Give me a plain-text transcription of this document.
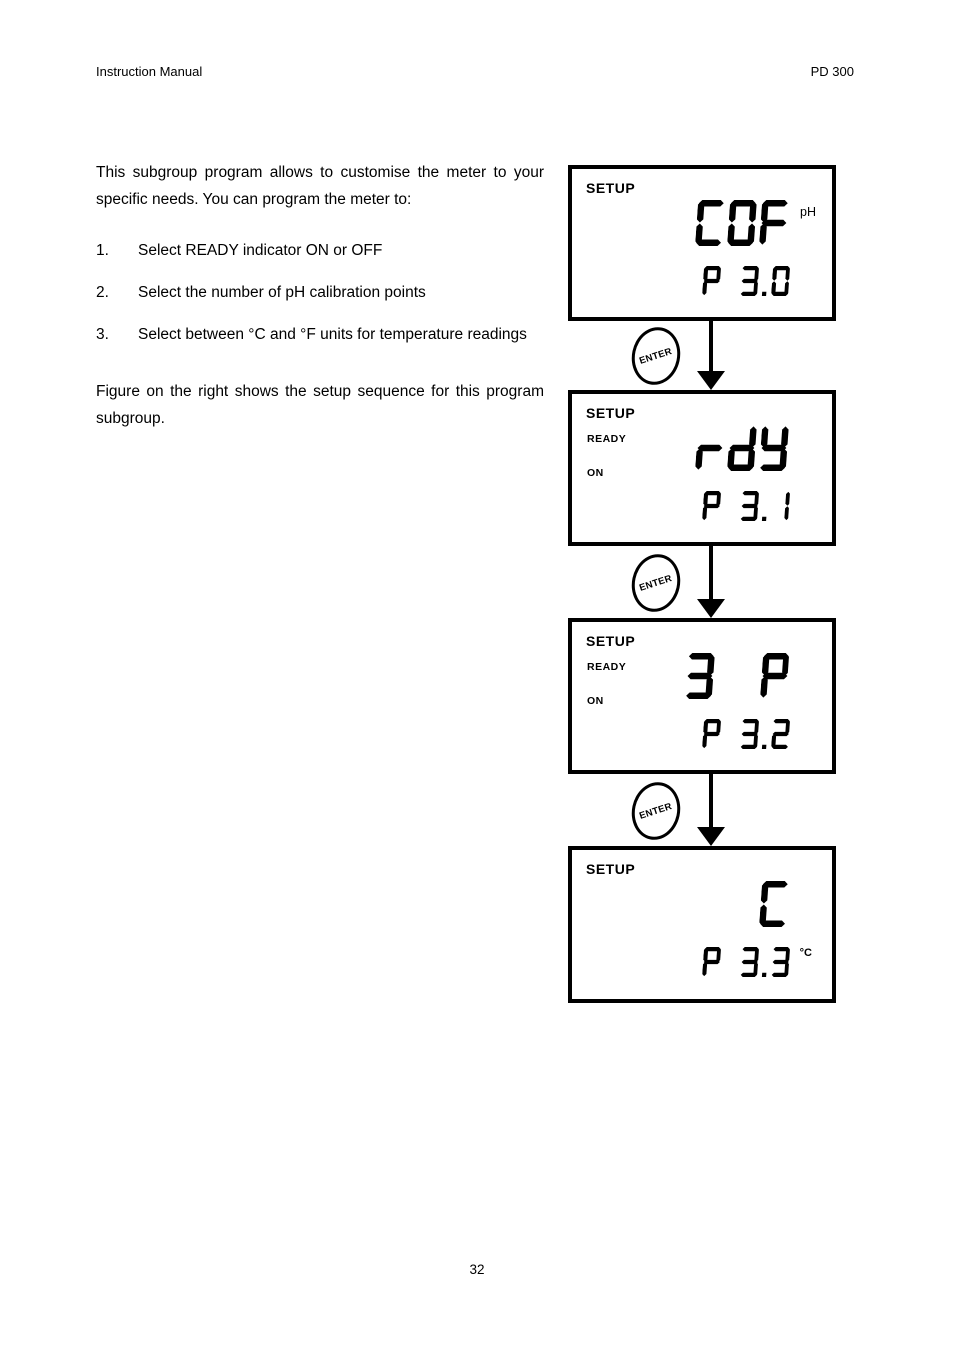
Instruction Manual	PD 300

This subgroup program allows to customise the meter to your specific needs. You can program the meter to:

1.	Select READY indicator ON or OFF
2.	Select the number of pH calibration points
3.	Select between °C and °F units for temperature readings

Figure on the right shows the setup sequence for this program subgroup.

SETUP
pH
ENTER
SETUP
READY
ON
ENTER
SETUP
READY
ON
ENTER
SETUP
°C
32
